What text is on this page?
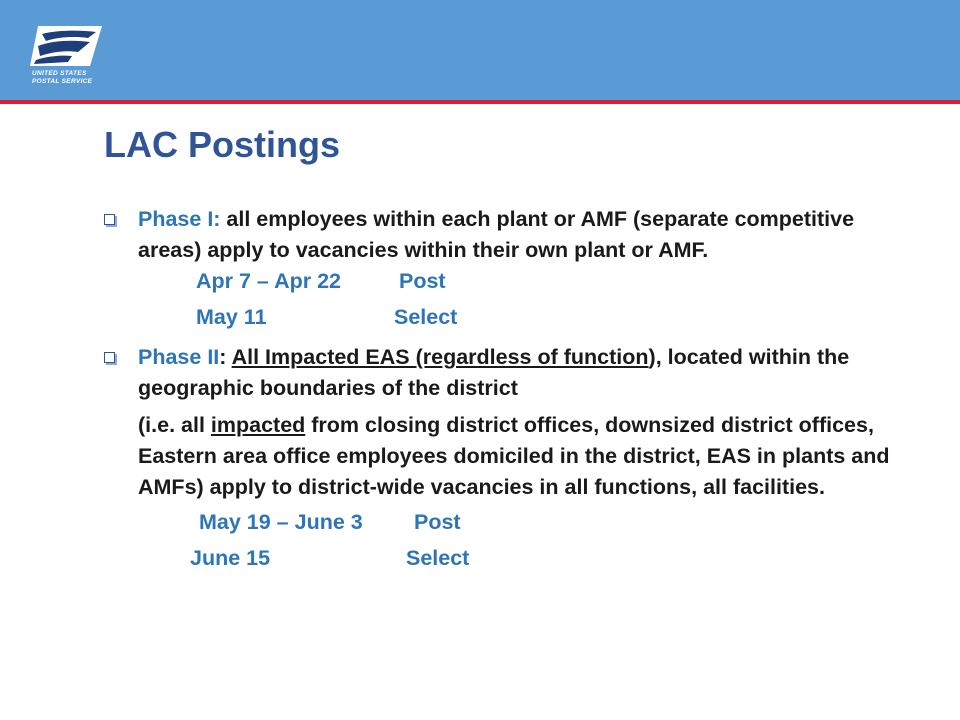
UNITED STATES
POSTAL SERVICE
LAC Postings
Phase I: all employees within each plant or AMF (separate competitive areas) apply to vacancies within their own plant or AMF.
Apr 7 – Apr 22	Post
May 11	Select
Phase II: All Impacted EAS (regardless of function), located within the geographic boundaries of the district
(i.e. all impacted from closing district offices, downsized district offices, Eastern area office employees domiciled in the district, EAS in plants and AMFs) apply to district-wide vacancies in all functions, all facilities.
May 19 – June 3 Post
June 15	Select
